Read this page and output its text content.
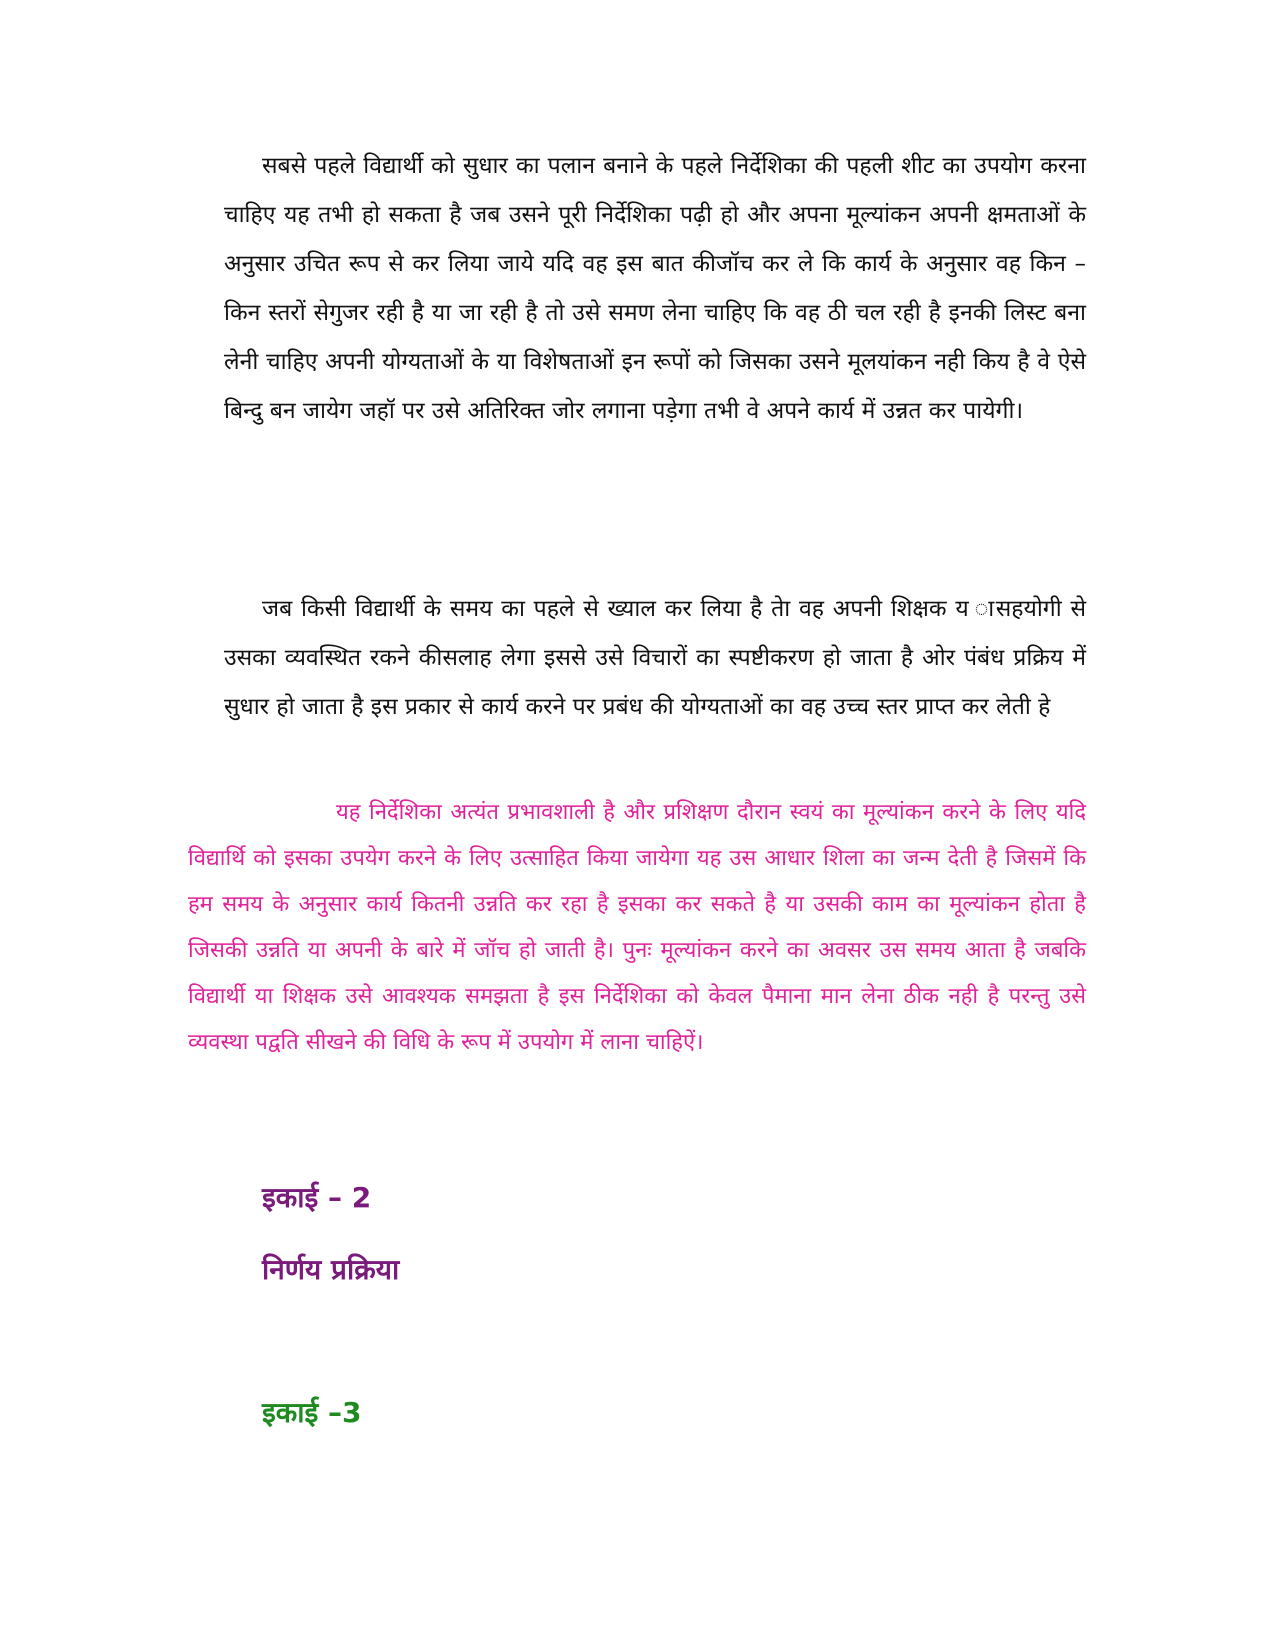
सबसे पहले विद्यार्थी को सुधार का पलान बनाने के पहले निर्देशिका की पहली शीट का उपयोग करना चाहिए यह तभी हो सकता है जब उसने पूरी निर्देशिका पढ़ी हो और अपना मूल्यांकन अपनी क्षमताओं के अनुसार उचित रूप से कर लिया जाये यदि वह इस बात कीजॉच कर ले कि कार्य के अनुसार वह किन –किन स्तरों सेगुजर रही है या जा रही है तो उसे समण लेना चाहिए कि वह ठी चल रही है इनकी लिस्ट बना लेनी चाहिए अपनी योग्यताओं के या विशेषताओं इन रूपों को जिसका उसने मूलयांकन नही किय है वे ऐसे बिन्दु बन जायेग जहॉ पर उसे अतिरिक्त जोर लगाना पड़ेगा तभी वे अपने कार्य में उन्नत कर पायेगी।

जब किसी विद्यार्थी के समय का पहले से ख्याल कर लिया है तेा वह अपनी शिक्षक य ासहयोगी से उसका व्यवस्थित रकने कीसलाह लेगा इससे उसे विचारों का स्पष्टीकरण हो जाता है ओर पंबंध प्रक्रिय में सुधार हो जाता है इस प्रकार से कार्य करने पर प्रबंध की योग्यताओं का वह उच्च स्तर प्राप्त कर लेती हे

यह निर्देशिका अत्यंत प्रभावशाली है और प्रशिक्षण दौरान स्वयं का मूल्यांकन करने के लिए यदि विद्यार्थि को इसका उपयेग करने के लिए उत्साहित किया जायेगा यह उस आधार शिला का जन्म देती है जिसमें कि हम समय के अनुसार कार्य कितनी उन्नति कर रहा है इसका कर सकते है या उसकी काम का मूल्यांकन होता है जिसकी उन्नति या अपनी के बारे में जॉच हो जाती है। पुनः मूल्यांकन करने का अवसर उस समय आता है जबकि विद्यार्थी या शिक्षक उसे आवश्यक समझता है इस निर्देशिका को केवल पैमाना मान लेना ठीक नही है परन्तु उसे व्यवस्था पद्वति सीखने की विधि के रूप में उपयोग में लाना चाहिऐं।

इकाई – 2
निर्णय प्रक्रिया
इकाई –3
